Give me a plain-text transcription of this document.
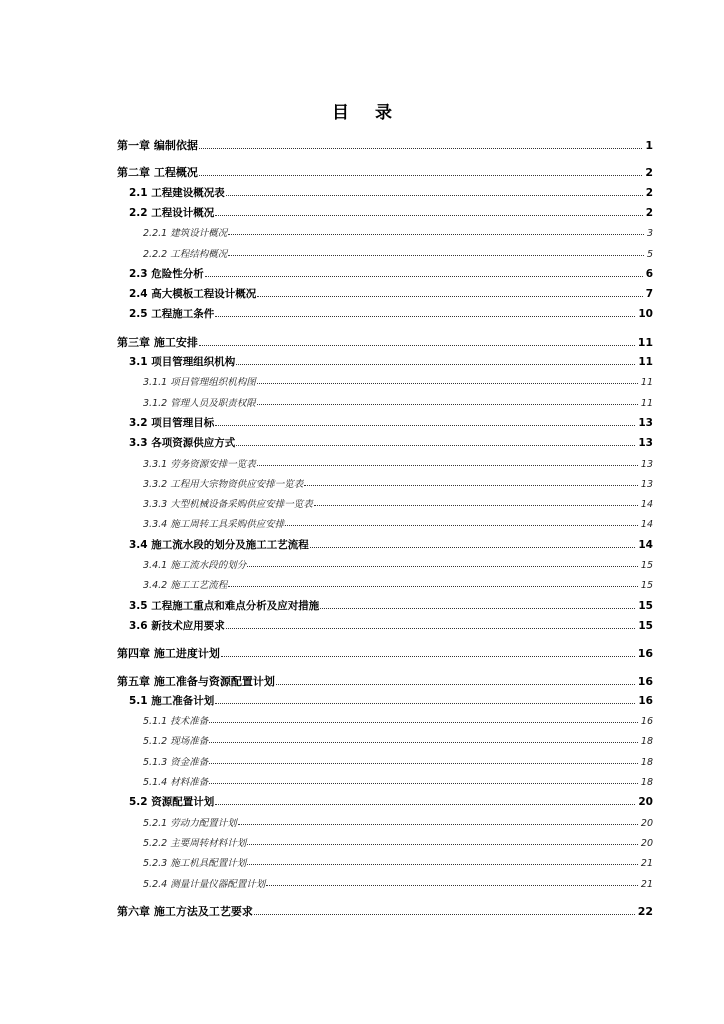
目 录
第一章 编制依据	1
第二章 工程概况	2
2.1 工程建设概况表	2
2.2 工程设计概况	2
2.2.1 建筑设计概况	3
2.2.2 工程结构概况	5
2.3 危险性分析	6
2.4 高大模板工程设计概况	7
2.5 工程施工条件	10
第三章 施工安排	11
3.1 项目管理组织机构	11
3.1.1 项目管理组织机构图	11
3.1.2 管理人员及职责权限	11
3.2 项目管理目标	13
3.3 各项资源供应方式	13
3.3.1 劳务资源安排一览表	13
3.3.2 工程用大宗物资供应安排一览表	13
3.3.3 大型机械设备采购供应安排一览表	14
3.3.4 施工周转工具采购供应安排	14
3.4 施工流水段的划分及施工工艺流程	14
3.4.1 施工流水段的划分	15
3.4.2 施工工艺流程	15
3.5 工程施工重点和难点分析及应对措施	15
3.6 新技术应用要求	15
第四章 施工进度计划	16
第五章 施工准备与资源配置计划	16
5.1 施工准备计划	16
5.1.1 技术准备	16
5.1.2 现场准备	18
5.1.3 资金准备	18
5.1.4 材料准备	18
5.2 资源配置计划	20
5.2.1 劳动力配置计划	20
5.2.2 主要周转材料计划	20
5.2.3 施工机具配置计划	21
5.2.4 测量计量仪器配置计划	21
第六章 施工方法及工艺要求	22
